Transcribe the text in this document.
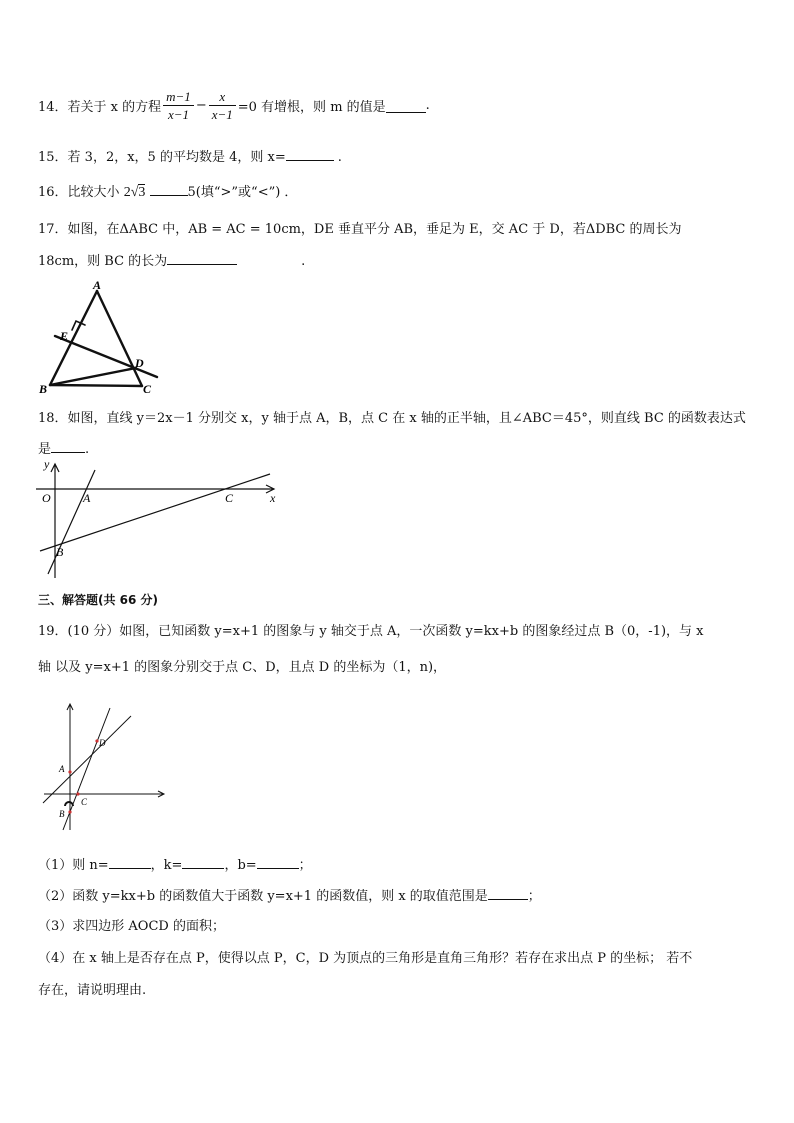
14．若关于 x 的方程 $\frac{m-1}{x-1} - \frac{x}{x-1} =0$ 有增根，则 m 的值是	.
15．若 3，2，x，5 的平均数是 4，则 x=	.
16．比较大小 2√3	5(填“>”或“<”) ．
17．如图，在ΔABC 中，AB = AC = 10cm，DE 垂直平分 AB，垂足为 E，交 AC 于 D，若ΔDBC 的周长为
18cm，则 BC 的长为	.
A
E
D
B	C
18．如图，直线 y＝2x－1 分别交 x，y 轴于点 A，B，点 C 在 x 轴的正半轴，且∠ABC＝45°，则直线 BC 的函数表达式
是	.
y
O	A	C	x
B
三、解答题(共 66 分)
19．(10 分）如图，已知函数 y=x+1 的图象与 y 轴交于点 A，一次函数 y=kx+b 的图象经过点 B（0，-1)，与 x
轴 以及 y=x+1 的图象分别交于点 C、D，且点 D 的坐标为（1，n)，
D
A
O
C
B
（1）则 n=	，k=	，b=	；
（2）函数 y=kx+b 的函数值大于函数 y=x+1 的函数值，则 x 的取值范围是	；
（3）求四边形 AOCD 的面积；
（4）在 x 轴上是否存在点 P，使得以点 P，C，D 为顶点的三角形是直角三角形？若存在求出点 P 的坐标； 若不
存在，请说明理由.
